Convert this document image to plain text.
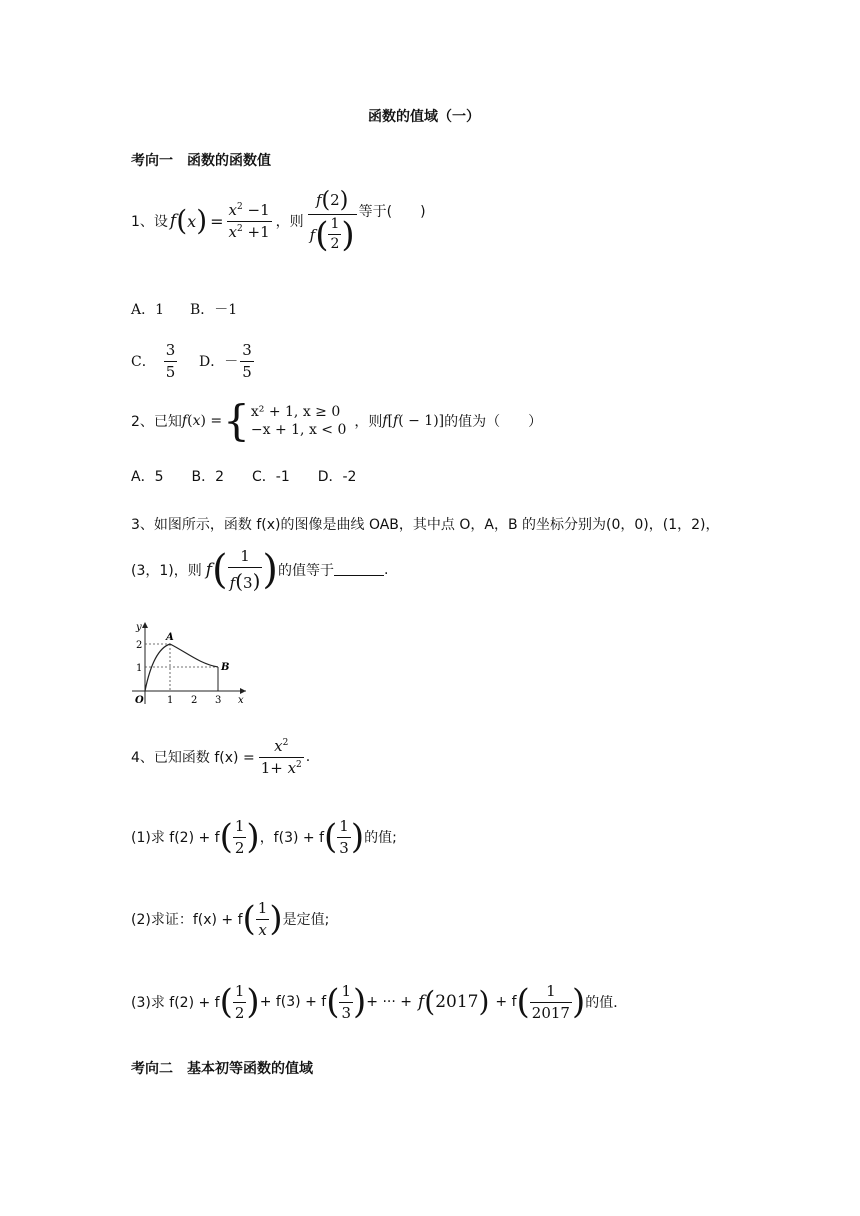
函数的值域（一）
考向一　函数的函数值
1、设 f ( x ) = $\frac{x^2 -1}{x^2 +1}$ ，则 $\frac{f(2)}{f ( \frac{1}{2} )}$ 等于(　　)
A．1 B．－1
C． $\frac{3}{5}$ D．－ $\frac{3}{5}$
2、已知 f(x) = { x² + 1, x ≥ 0
−x + 1, x < 0 ，则 f[f( − 1)] 的值为（　　）
A．5　　B．2　　C．-1　　D．-2
3、如图所示，函数 f(x)的图像是曲线 OAB，其中点 O，A，B 的坐标分别为(0，0)，(1，2)，
(3，1)，则 f ( $\frac{1}{f(3)}$ ) 的值等于	.
y
x
O
A
B
1 2 3
1
2
4、已知函数 $f(x) = \frac{x^2}{1+ x^2}$ .
(1)求 f(2) + f ( $\frac{1}{2}$ ) ，f(3) + f ( $\frac{1}{3}$ ) 的值;
(2)求证：f(x) + f ( $\frac{1}{x}$ ) 是定值;
(3)求 f(2) + f ( $\frac{1}{2}$ ) + f(3) + f ( $\frac{1}{3}$ ) + ··· + f ( 2017 ) + f ( $\frac{1}{2017}$ ) 的值．
考向二　基本初等函数的值域
